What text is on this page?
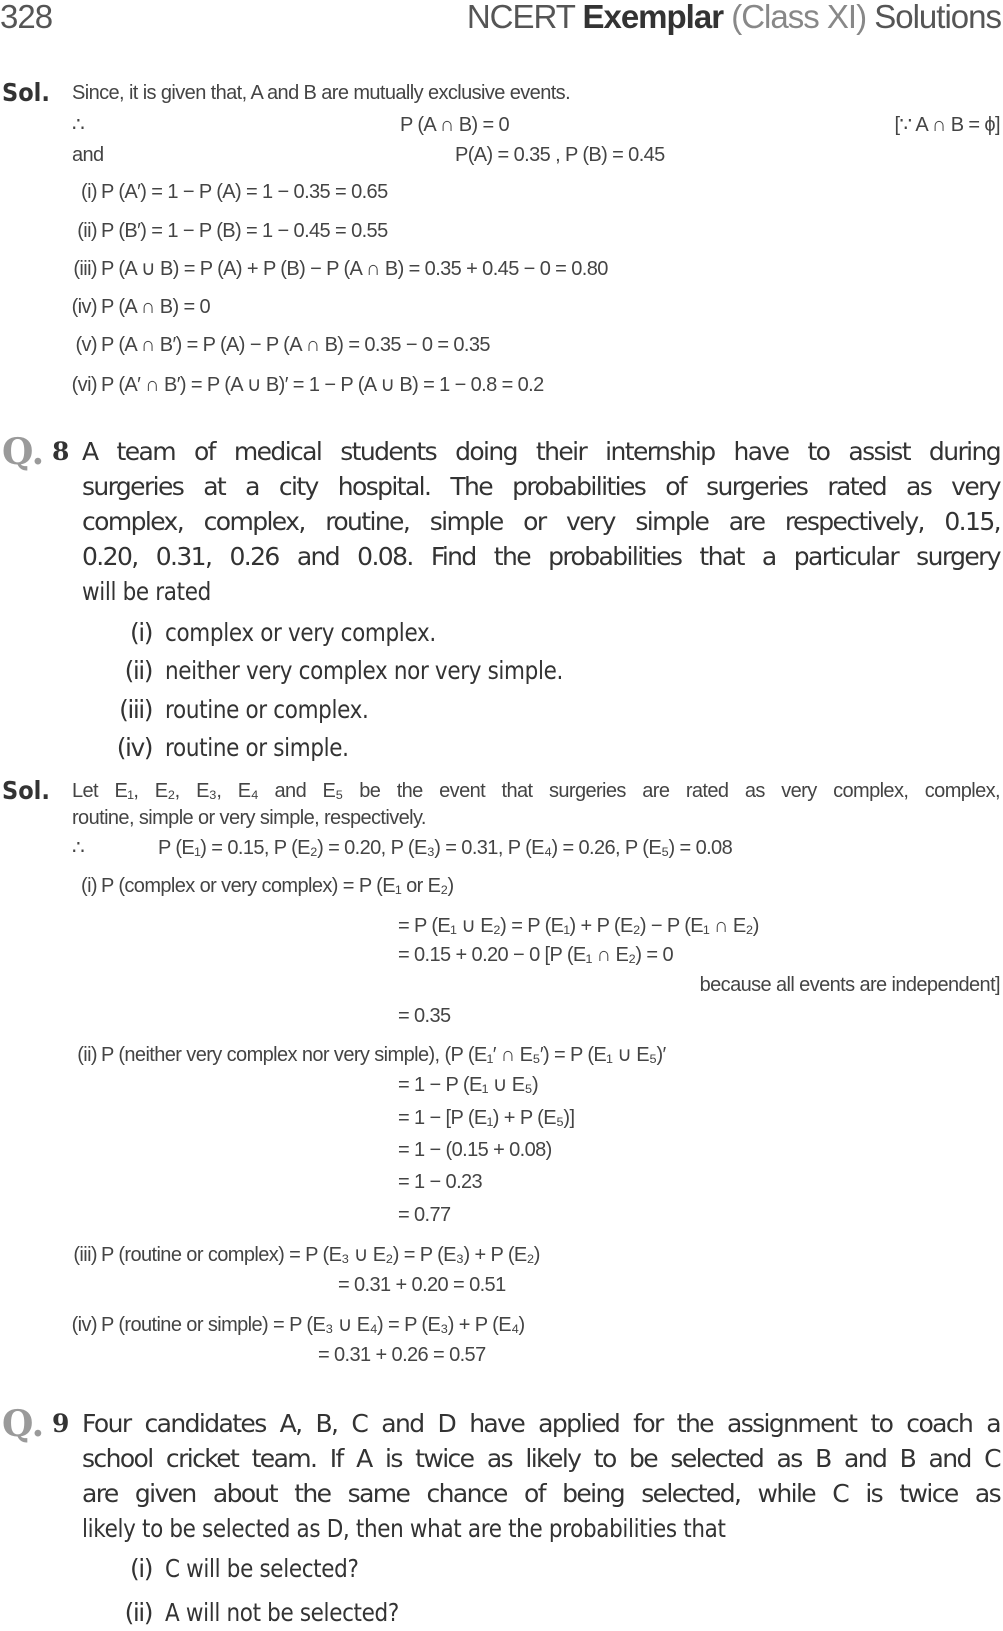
328	NCERT Exemplar (Class XI) Solutions
Sol. Since, it is given that, A and B are mutually exclusive events.
∴	P (A ∩ B) = 0	[∵ A ∩ B = ϕ]
and	P(A) = 0.35 , P (B) = 0.45
(i) P (A′) = 1 − P (A) = 1 − 0.35 = 0.65
(ii) P (B′) = 1 − P (B) = 1 − 0.45 = 0.55
(iii) P (A ∪ B) = P (A) + P (B) − P (A ∩ B) = 0.35 + 0.45 − 0 = 0.80
(iv) P (A ∩ B) = 0
(v) P (A ∩ B′) = P (A) − P (A ∩ B) = 0.35 − 0 = 0.35
(vi) P (A′ ∩ B′) = P (A ∪ B)′ = 1 − P (A ∪ B) = 1 − 0.8 = 0.2
Q. 8 A team of medical students doing their internship have to assist during
surgeries at a city hospital. The probabilities of surgeries rated as very
complex, complex, routine, simple or very simple are respectively, 0.15,
0.20, 0.31, 0.26 and 0.08. Find the probabilities that a particular surgery
will be rated
(i) complex or very complex.
(ii) neither very complex nor very simple.
(iii) routine or complex.
(iv) routine or simple.
Sol. Let E₁, E₂, E₃, E₄ and E₅ be the event that surgeries are rated as very complex, complex,
routine, simple or very simple, respectively.
∴	P (E₁) = 0.15, P (E₂) = 0.20, P (E₃) = 0.31, P (E₄) = 0.26, P (E₅) = 0.08
(i) P (complex or very complex) = P (E₁ or E₂)
= P (E₁ ∪ E₂) = P (E₁) + P (E₂) − P (E₁ ∩ E₂)
= 0.15 + 0.20 − 0 [P (E₁ ∩ E₂) = 0
because all events are independent]
= 0.35
(ii) P (neither very complex nor very simple), (P (E₁′ ∩ E₅′) = P (E₁ ∪ E₅)′
= 1 − P (E₁ ∪ E₅)
= 1 − [P (E₁) + P (E₅)]
= 1 − (0.15 + 0.08)
= 1 − 0.23
= 0.77
(iii) P (routine or complex) = P (E₃ ∪ E₂) = P (E₃) + P (E₂)
= 0.31 + 0.20 = 0.51
(iv) P (routine or simple) = P (E₃ ∪ E₄) = P (E₃) + P (E₄)
= 0.31 + 0.26 = 0.57
Q. 9 Four candidates A, B, C and D have applied for the assignment to coach a
school cricket team. If A is twice as likely to be selected as B and B and C
are given about the same chance of being selected, while C is twice as
likely to be selected as D, then what are the probabilities that
(i) C will be selected?
(ii) A will not be selected?
